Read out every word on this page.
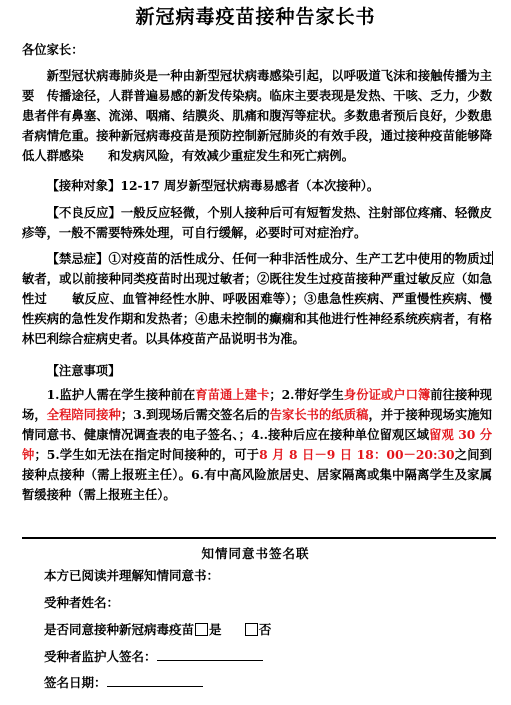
新冠病毒疫苗接种告家长书
各位家长：
新型冠状病毒肺炎是一种由新型冠状病毒感染引起，以呼吸道飞沫和接触传播为主要　传播途径，人群普遍易感的新发传染病。临床主要表现是发热、干咳、乏力，少数患者伴有鼻塞、流涕、咽痛、结膜炎、肌痛和腹泻等症状。多数患者预后良好，少数患者病情危重。接种新冠病毒疫苗是预防控制新冠肺炎的有效手段，通过接种疫苗能够降低人群感染　　和发病风险，有效减少重症发生和死亡病例。
【接种对象】12-17 周岁新型冠状病毒易感者（本次接种）。
【不良反应】一般反应轻微，个别人接种后可有短暂发热、注射部位疼痛、轻微皮疹等，一般不需要特殊处理，可自行缓解，必要时可对症治疗。
【禁忌症】①对疫苗的活性成分、任何一种非活性成分、生产工艺中使用的物质过敏者，或以前接种同类疫苗时出现过敏者；②既往发生过疫苗接种严重过敏反应（如急性过　　敏反应、血管神经性水肿、呼吸困难等）；③患急性疾病、严重慢性疾病、慢性疾病的急性发作期和发热者；④患未控制的癫痫和其他进行性神经系统疾病者，有格林巴利综合症病史者。以具体疫苗产品说明书为准。
【注意事项】
1.监护人需在学生接种前在育苗通上建卡；2.带好学生身份证或户口簿前往接种现场，全程陪同接种；3.到现场后需交签名后的告家长书的纸质稿，并于接种现场实施知情同意书、健康情况调查表的电子签名、；4..接种后应在接种单位留观区域留观 30 分钟；5.学生如无法在指定时间接种的，可于8 月 8 日－9 日 18：00－20:30之间到接种点接种（需上报班主任）。6.有中高风险旅居史、居家隔离或集中隔离学生及家属暂缓接种（需上报班主任）。
知情同意书签名联
本方已阅读并理解知情同意书：
受种者姓名：
是否同意接种新冠病毒疫苗 是	否
受种者监护人签名：
签名日期：
